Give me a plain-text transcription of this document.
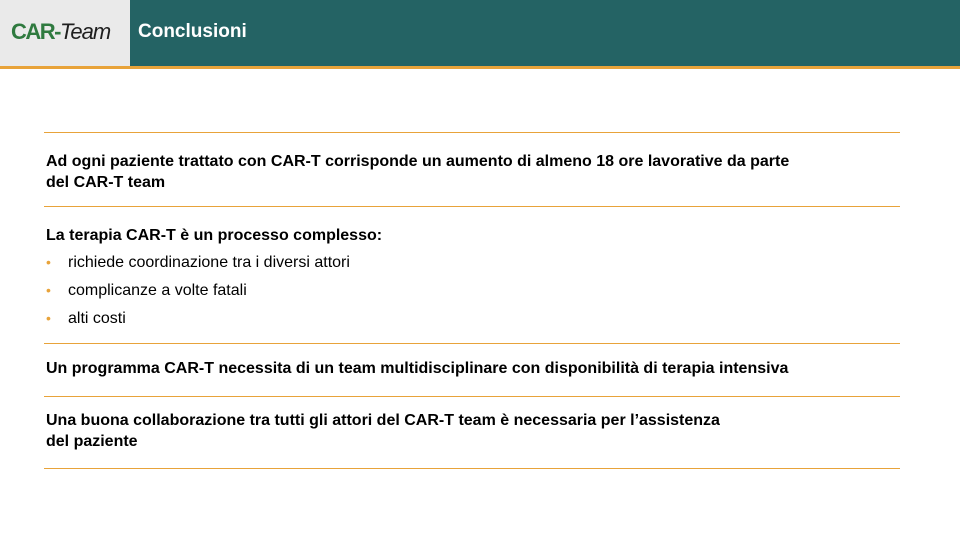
CAR-Team Conclusioni
Ad ogni paziente trattato con CAR-T corrisponde un aumento di almeno 18 ore lavorative da parte
del CAR-T team
La terapia CAR-T è un processo complesso:
• richiede coordinazione tra i diversi attori
• complicanze a volte fatali
• alti costi
Un programma CAR-T necessita di un team multidisciplinare con disponibilità di terapia intensiva
Una buona collaborazione tra tutti gli attori del CAR-T team è necessaria per l’assistenza
del paziente
